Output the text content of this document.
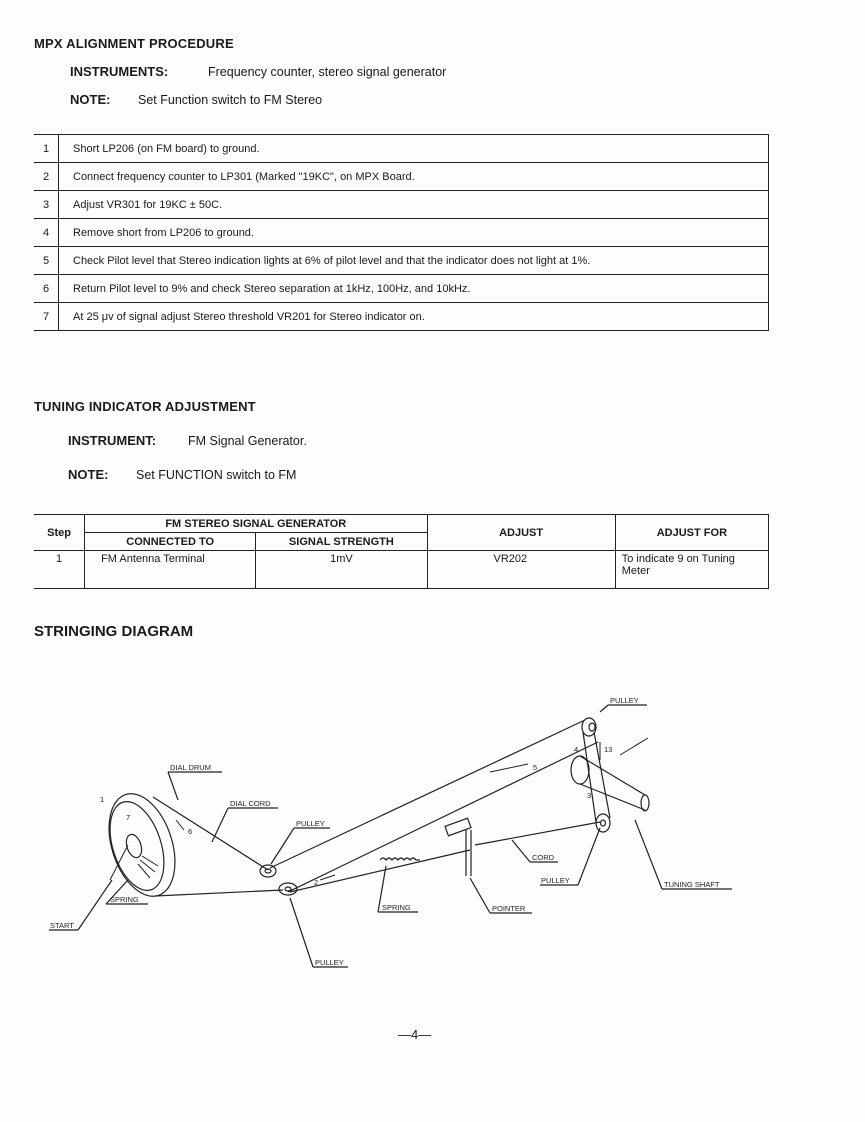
MPX ALIGNMENT PROCEDURE
INSTRUMENTS:	Frequency counter, stereo signal generator
NOTE: Set Function switch to FM Stereo
1	Short LP206 (on FM board) to ground.
2	Connect frequency counter to LP301 (Marked "19KC", on MPX Board.
3	Adjust VR301 for 19KC ± 50C.
4	Remove short from LP206 to ground.
5	Check Pilot level that Stereo indication lights at 6% of pilot level and that the indicator does not light at 1%.
6	Return Pilot level to 9% and check Stereo separation at 1kHz, 100Hz, and 10kHz.
7	At 25 μv of signal adjust Stereo threshold VR201 for Stereo indicator on.
TUNING INDICATOR ADJUSTMENT
INSTRUMENT:	FM Signal Generator.
NOTE: Set FUNCTION switch to FM
Step	FM STEREO SIGNAL GENERATOR		ADJUST	ADJUST FOR
	CONNECTED TO	SIGNAL STRENGTH		
1	FM Antenna Terminal	1mV	VR202	To indicate 9 on Tuning Meter
STRINGING DIAGRAM
PULLEY
DIAL DRUM
DIAL CORD
PULLEY
CORD
PULLEY	TUNING SHAFT
START
SPRING
SPRING	POINTER
PULLEY
1
2
3
4
5
6
7
13
—4—
